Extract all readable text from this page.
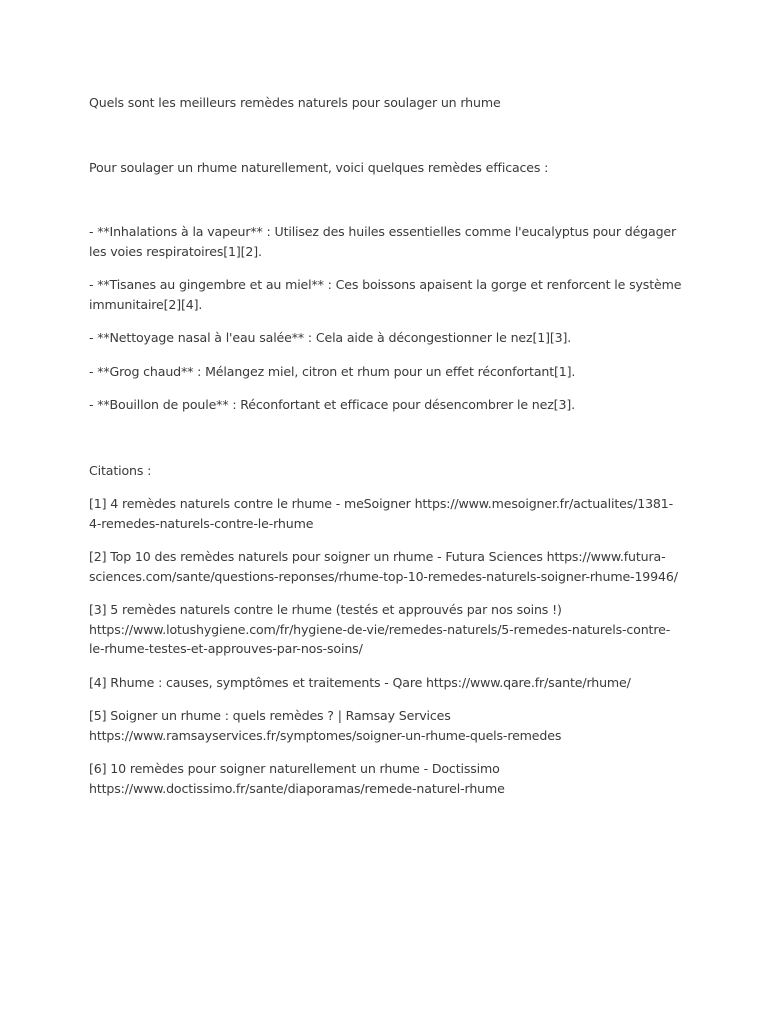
Quels sont les meilleurs remèdes naturels pour soulager un rhume

Pour soulager un rhume naturellement, voici quelques remèdes efficaces :

- **Inhalations à la vapeur** : Utilisez des huiles essentielles comme l'eucalyptus pour dégager les voies respiratoires[1][2].

- **Tisanes au gingembre et au miel** : Ces boissons apaisent la gorge et renforcent le système immunitaire[2][4].

- **Nettoyage nasal à l'eau salée** : Cela aide à décongestionner le nez[1][3].

- **Grog chaud** : Mélangez miel, citron et rhum pour un effet réconfortant[1].

- **Bouillon de poule** : Réconfortant et efficace pour désencombrer le nez[3].

Citations :

[1] 4 remèdes naturels contre le rhume - meSoigner https://www.mesoigner.fr/actualites/1381-4-remedes-naturels-contre-le-rhume

[2] Top 10 des remèdes naturels pour soigner un rhume - Futura Sciences https://www.futura-sciences.com/sante/questions-reponses/rhume-top-10-remedes-naturels-soigner-rhume-19946/

[3] 5 remèdes naturels contre le rhume (testés et approuvés par nos soins !) https://www.lotushygiene.com/fr/hygiene-de-vie/remedes-naturels/5-remedes-naturels-contre-le-rhume-testes-et-approuves-par-nos-soins/

[4] Rhume : causes, symptômes et traitements - Qare https://www.qare.fr/sante/rhume/

[5] Soigner un rhume : quels remèdes ? | Ramsay Services https://www.ramsayservices.fr/symptomes/soigner-un-rhume-quels-remedes

[6] 10 remèdes pour soigner naturellement un rhume - Doctissimo https://www.doctissimo.fr/sante/diaporamas/remede-naturel-rhume
